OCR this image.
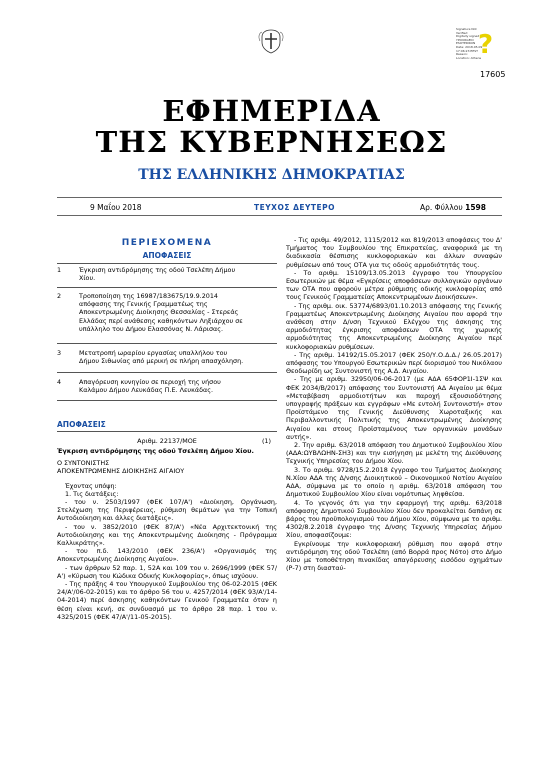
Signature Not
Verified
Digitally signed by
YPOURGEIO
ESOTERIKON
Date: 2018.05.09
17:06:23 EEST
Reason:
Location: Athens
?
17605
ΕΦΗΜΕΡΙΔΑ
ΤΗΣ ΚΥΒΕΡΝΗΣΕΩΣ
ΤΗΣ ΕΛΛΗΝΙΚΗΣ ΔΗΜΟΚΡΑΤΙΑΣ
9 Μαΐου 2018	ΤΕΥΧΟΣ ΔΕΥΤΕΡΟ	Αρ. Φύλλου 1598
ΠΕΡΙΕΧΟΜΕΝΑ
ΑΠΟΦΑΣΕΙΣ
1	Έγκριση αντιδρόμησης της οδού Τσελέπη Δήμου Χίου.
2	Τροποποίηση της 16987/183675/19.9.2014 απόφασης της Γενικής Γραμματέως της Αποκεντρωμένης Διοίκησης Θεσσαλίας - Στερεάς Ελλάδας περί ανάθεσης καθηκόντων Ληξιάρχου σε υπάλληλο του Δήμου Ελασσόνας Ν. Λάρισας.
3	Μετατροπή ωραρίου εργασίας υπαλλήλου του Δήμου Σιθωνίας από μερική σε πλήρη απασχόληση.
4	Απαγόρευση κυνηγίου σε περιοχή της νήσου Καλάμου Δήμου Λευκάδας Π.Ε. Λευκάδας.
ΑΠΟΦΑΣΕΙΣ
Αριθμ. 22137/ΜΟΕ	(1)
Έγκριση αντιδρόμησης της οδού Τσελέπη Δήμου Χίου.
Ο ΣΥΝΤΟΝΙΣΤΗΣ
ΑΠΟΚΕΝΤΡΩΜΕΝΗΣ ΔΙΟΙΚΗΣΗΣ ΑΙΓΑΙΟΥ
Έχοντας υπόψη:
1. Τις διατάξεις:

- του ν. 2503/1997 (ΦΕΚ 107/Α') «Διοίκηση, Οργάνωση, Στελέχωση της Περιφέρειας, ρύθμιση θεμάτων για την Τοπική Αυτοδιοίκηση και άλλες διατάξεις».

- του ν. 3852/2010 (ΦΕΚ 87/Α') «Νέα Αρχιτεκτονική της Αυτοδιοίκησης και της Αποκεντρωμένης Διοίκησης - Πρόγραμμα Καλλικράτης».

- του π.δ. 143/2010 (ΦΕΚ 236/Α') «Οργανισμός της Αποκεντρωμένης Διοίκησης Αιγαίου».

- των άρθρων 52 παρ. 1, 52Α και 109 του ν. 2696/1999 (ΦΕΚ 57/Α') «Κύρωση του Κώδικα Οδικής Κυκλοφορίας», όπως ισχύουν.

- Της πράξης 4 του Υπουργικού Συμβουλίου της 06-02-2015 (ΦΕΚ 24/Α'/06-02-2015) και το άρθρο 56 του ν. 4257/2014 (ΦΕΚ 93/Α'/14-04-2014) περί άσκησης καθηκόντων Γενικού Γραμματέα όταν η θέση είναι κενή, σε συνδυασμό με το άρθρο 28 παρ. 1 του ν. 4325/2015 (ΦΕΚ 47/Α'/11-05-2015).

- Τις αριθμ. 49/2012, 1115/2012 και 819/2013 αποφάσεις του Δ' Τμήματος του Συμβουλίου της Επικρατείας, αναφορικά με τη διαδικασία θέσπισης κυκλοφοριακών και άλλων συναφών ρυθμίσεων από τους ΟΤΑ για τις οδούς αρμοδιότητάς τους.

- Το αριθμ. 15109/13.05.2013 έγγραφο του Υπουργείου Εσωτερικών με θέμα «Εγκρίσεις αποφάσεων συλλογικών οργάνων των ΟΤΑ που αφορούν μέτρα ρύθμισης οδικής κυκλοφορίας από τους Γενικούς Γραμματείας Αποκεντρωμένων Διοικήσεων».

- Της αριθμ. οικ. 53774/6893/01.10.2013 απόφασης της Γενικής Γραμματέως Αποκεντρωμένης Διοίκησης Αιγαίου που αφορά την ανάθεση στην Δ/νση Τεχνικού Ελέγχου της άσκησης της αρμοδιότητας έγκρισης αποφάσεων ΟΤΑ της χωρικής αρμοδιότητας της Αποκεντρωμένης Διοίκησης Αιγαίου περί κυκλοφοριακών ρυθμίσεων.

- Της αριθμ. 14192/15.05.2017 (ΦΕΚ 250/Υ.Ο.Δ.Δ./ 26.05.2017) απόφασης του Υπουργού Εσωτερικών περί διορισμού του Νικόλαου Θεοδωρίδη ως Συντονιστή της Α.Δ. Αιγαίου.

- Της με αριθμ. 32950/06-06-2017 (με ΑΔΑ 65ΦΟΡ1Ι-1ΣΨ και ΦΕΚ 2034/Β/2017) απόφασης του Συντονιστή ΑΔ Αιγαίου με θέμα «Μεταβίβαση αρμοδιοτήτων και παροχή εξουσιοδότησης υπογραφής πράξεων και εγγράφων «Με εντολή Συντονιστή» στον Προϊστάμενο της Γενικής Διεύθυνσης Χωροταξικής και Περιβαλλοντικής Πολιτικής της Αποκεντρωμένης Διοίκησης Αιγαίου και στους Προϊσταμένους των οργανικών μονάδων αυτής».

2. Την αριθμ. 63/2018 απόφαση του Δημοτικού Συμβουλίου Χίου (ΑΔΑ:ΩΥΒΛΩΗΝ-ΣΗ3) και την εισήγηση με μελέτη της Διεύθυνσης Τεχνικής Υπηρεσίας του Δήμου Χίου.

3. Το αριθμ. 9728/15.2.2018 έγγραφο του Τμήματος Διοίκησης Ν.Χίου ΑΔΑ της Δ/νσης Διοικητικού – Οικονομικού Νοτίου Αιγαίου ΑΔΑ, σύμφωνα με το οποίο η αριθμ. 63/2018 απόφαση του Δημοτικού Συμβουλίου Χίου είναι νομότυπως ληφθείσα.

4. Το γεγονός ότι για την εφαρμογή της αριθμ. 63/2018 απόφασης Δημοτικού Συμβουλίου Χίου δεν προκαλείται δαπάνη σε βάρος του προϋπολογισμού του Δήμου Χίου, σύμφωνα με το αριθμ. 4302/8.2.2018 έγγραφο της Δ/νσης Τεχνικής Υπηρεσίας Δήμου Χίου, αποφασίζουμε:

Εγκρίνουμε την κυκλοφοριακή ρύθμιση που αφορά στην αντιδρόμηση της οδού Τσελέπη (από Βορρά προς Νότο) στο Δήμο Χίου με τοποθέτηση πινακίδας απαγόρευσης εισόδου οχημάτων (Ρ-7) στη διασταύ-
